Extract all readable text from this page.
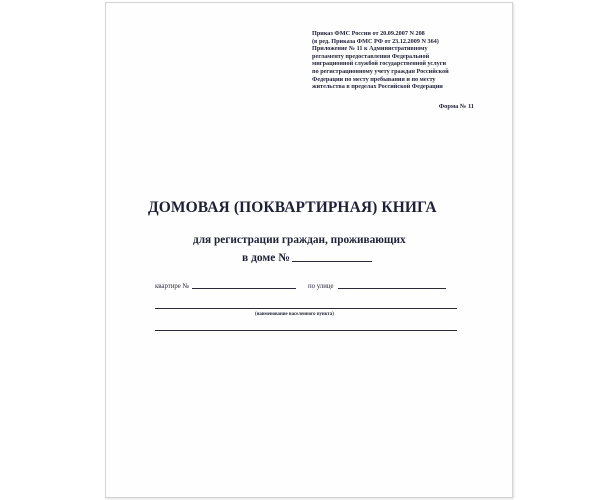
Приказ ФМС России от 20.09.2007 N 208
(в ред. Приказа ФМС РФ от 23.12.2009 N 364)
Приложение № 11 к Административному
регламенту предоставления Федеральной
миграционной службой государственной услуги
по регистрационному учету граждан Российской
Федерации по месту пребывания и по месту
жительства в пределах Российской Федерации
Форма № 11
ДОМОВАЯ (ПОКВАРТИРНАЯ) КНИГА
для регистрации граждан, проживающих
в доме №
квартире №	по улице
(наименование населенного пункта)
